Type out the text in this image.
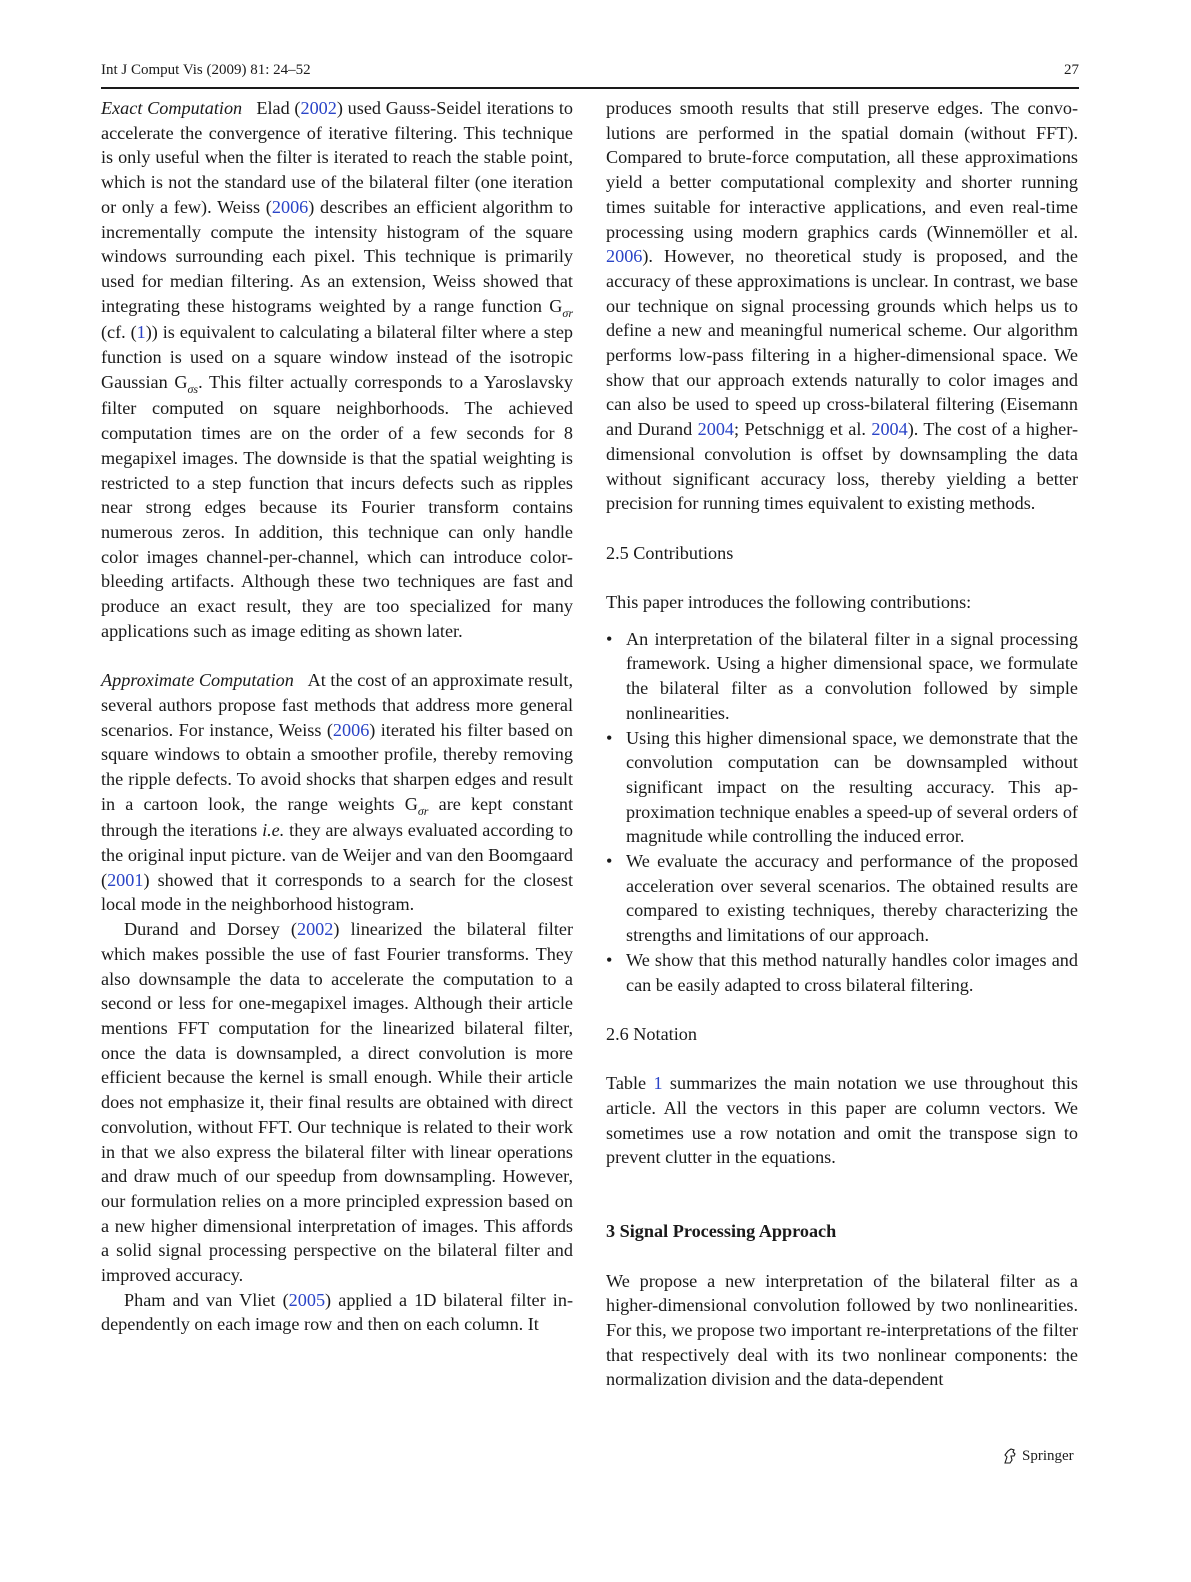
Int J Comput Vis (2009) 81: 24–52	27

Exact Computation Elad (2002) used Gauss-Seidel iterations to accelerate the convergence of iterative filtering. This technique is only useful when the filter is iterated to reach the stable point, which is not the standard use of the bilateral filter (one iteration or only a few). Weiss (2006) describes an efficient algorithm to incrementally compute the intensity histogram of the square windows surrounding each pixel. This technique is primarily used for median filtering. As an extension, Weiss showed that integrating these histograms weighted by a range function $G_{\sigma r}$ (cf. (1)) is equivalent to calculating a bilateral filter where a step function is used on a square window instead of the isotropic Gaussian $G_{\sigma s}$. This filter actually corresponds to a Yaroslavsky filter computed on square neighborhoods. The achieved computation times are on the order of a few seconds for 8 megapixel images. The downside is that the spatial weighting is restricted to a step function that incurs defects such as ripples near strong edges because its Fourier transform contains numerous zeros. In addition, this technique can only handle color images channel-per-channel, which can introduce color-bleeding artifacts. Although these two techniques are fast and produce an exact result, they are too specialized for many applications such as image editing as shown later.

Approximate Computation At the cost of an approximate result, several authors propose fast methods that address more general scenarios. For instance, Weiss (2006) iterated his filter based on square windows to obtain a smoother profile, thereby removing the ripple defects. To avoid shocks that sharpen edges and result in a cartoon look, the range weights $G_{\sigma r}$ are kept constant through the iterations i.e. they are always evaluated according to the original input picture. van de Weijer and van den Boomgaard (2001) showed that it corresponds to a search for the closest local mode in the neighborhood histogram.

Durand and Dorsey (2002) linearized the bilateral filter which makes possible the use of fast Fourier transforms. They also downsample the data to accelerate the computation to a second or less for one-megapixel images. Although their article mentions FFT computation for the linearized bilateral filter, once the data is downsampled, a direct convolution is more efficient because the kernel is small enough. While their article does not emphasize it, their final results are obtained with direct convolution, without FFT. Our technique is related to their work in that we also express the bilateral filter with linear operations and draw much of our speedup from downsampling. However, our formulation relies on a more principled expression based on a new higher dimensional interpretation of images. This affords a solid signal processing perspective on the bilateral filter and improved accuracy.

Pham and van Vliet (2005) applied a 1D bilateral filter independently on each image row and then on each column. It

produces smooth results that still preserve edges. The convolutions are performed in the spatial domain (without FFT). Compared to brute-force computation, all these approximations yield a better computational complexity and shorter running times suitable for interactive applications, and even real-time processing using modern graphics cards (Winnemöller et al. 2006). However, no theoretical study is proposed, and the accuracy of these approximations is unclear. In contrast, we base our technique on signal processing grounds which helps us to define a new and meaningful numerical scheme. Our algorithm performs low-pass filtering in a higher-dimensional space. We show that our approach extends naturally to color images and can also be used to speed up cross-bilateral filtering (Eisemann and Durand 2004; Petschnigg et al. 2004). The cost of a higher-dimensional convolution is offset by downsampling the data without significant accuracy loss, thereby yielding a better precision for running times equivalent to existing methods.

2.5 Contributions

This paper introduces the following contributions:

• An interpretation of the bilateral filter in a signal processing framework. Using a higher dimensional space, we formulate the bilateral filter as a convolution followed by simple nonlinearities.
• Using this higher dimensional space, we demonstrate that the convolution computation can be downsampled without significant impact on the resulting accuracy. This approximation technique enables a speed-up of several orders of magnitude while controlling the induced error.
• We evaluate the accuracy and performance of the proposed acceleration over several scenarios. The obtained results are compared to existing techniques, thereby characterizing the strengths and limitations of our approach.
• We show that this method naturally handles color images and can be easily adapted to cross bilateral filtering.

2.6 Notation

Table 1 summarizes the main notation we use throughout this article. All the vectors in this paper are column vectors. We sometimes use a row notation and omit the transpose sign to prevent clutter in the equations.

3 Signal Processing Approach

We propose a new interpretation of the bilateral filter as a higher-dimensional convolution followed by two nonlinearities. For this, we propose two important re-interpretations of the filter that respectively deal with its two nonlinear components: the normalization division and the data-dependent

Springer
